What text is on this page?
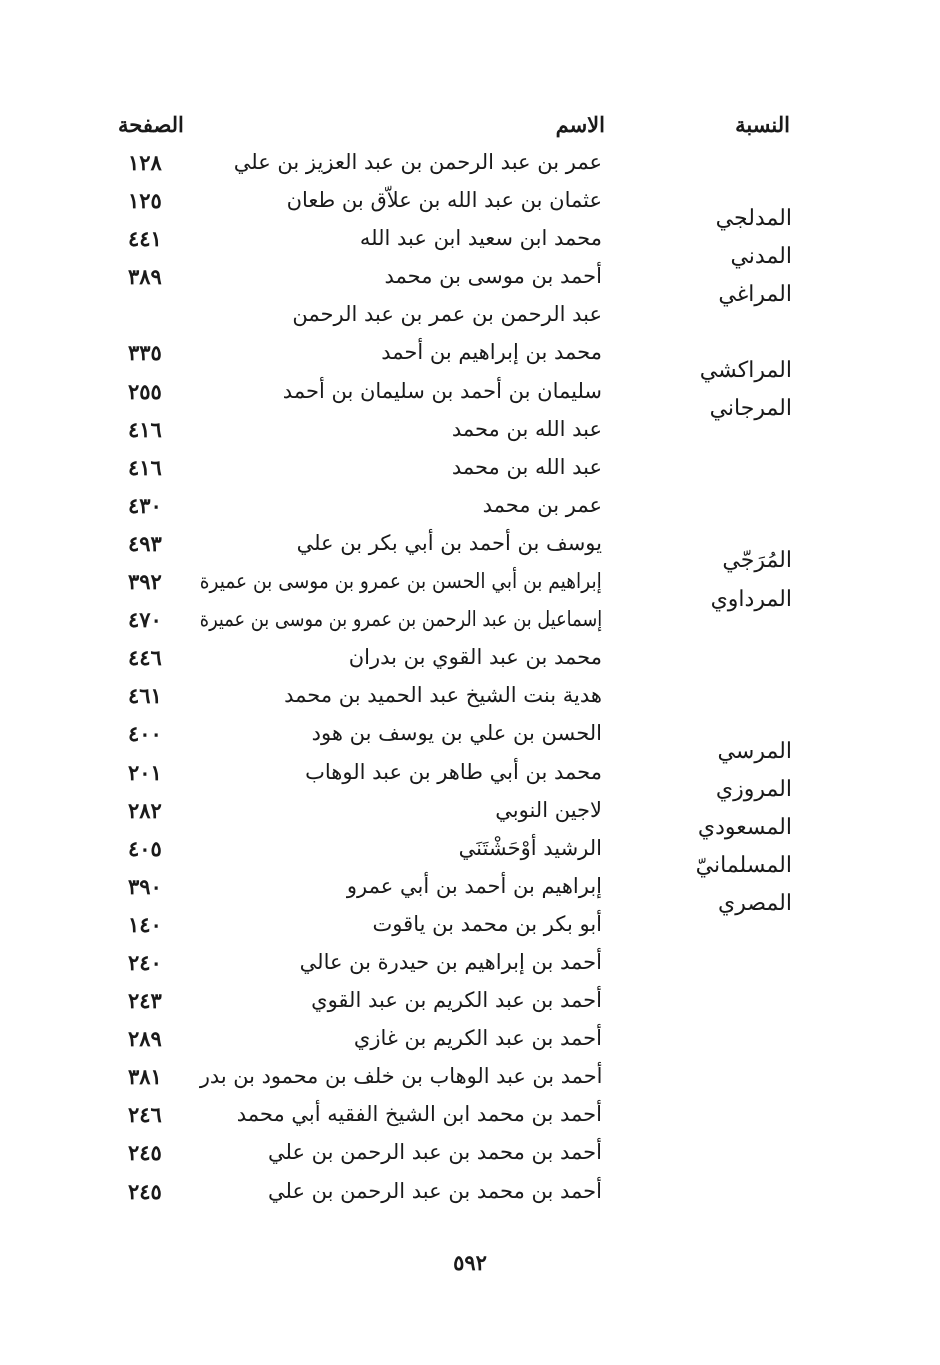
النسبة
الاسم
الصفحة
عمر بن عبد الرحمن بن عبد العزيز بن علي
١٢٨
المدلجي
عثمان بن عبد الله بن علاّق بن طعان
١٢٥
المدني
محمد ابن سعيد ابن عبد الله
٤٤١
المراغي
أحمد بن موسى بن محمد
٣٨٩
عبد الرحمن بن عمر بن عبد الرحمن
المراكشي
محمد بن إبراهيم بن أحمد
٣٣٥
المرجاني
سليمان بن أحمد بن سليمان بن أحمد
٢٥٥
عبد الله بن محمد
٤١٦
عبد الله بن محمد
٤١٦
عمر بن محمد
٤٣٠
المُرَجّي
يوسف بن أحمد بن أبي بكر بن علي
٤٩٣
المرداوي
إبراهيم بن أبي الحسن بن عمرو بن موسى بن عميرة
٣٩٢
إسماعيل بن عبد الرحمن بن عمرو بن موسى بن عميرة
٤٧٠
محمد بن عبد القوي بن بدران
٤٤٦
هدية بنت الشيخ عبد الحميد بن محمد
٤٦١
المرسي
الحسن بن علي بن يوسف بن هود
٤٠٠
المروزي
محمد بن أبي طاهر بن عبد الوهاب
٢٠١
المسعودي
لاجين النوبي
٢٨٢
المسلمانيّ
الرشيد أوْحَشْتَنَي
٤٠٥
المصري
إبراهيم بن أحمد بن أبي عمرو
٣٩٠
أبو بكر بن محمد بن ياقوت
١٤٠
أحمد بن إبراهيم بن حيدرة بن عالي
٢٤٠
أحمد بن عبد الكريم بن عبد القوي
٢٤٣
أحمد بن عبد الكريم بن غازي
٢٨٩
أحمد بن عبد الوهاب بن خلف بن محمود بن بدر
٣٨١
أحمد بن محمد ابن الشيخ الفقيه أبي محمد
٢٤٦
أحمد بن محمد بن عبد الرحمن بن علي
٢٤٥
أحمد بن محمد بن عبد الرحمن بن علي
٢٤٥
٥٩٢
